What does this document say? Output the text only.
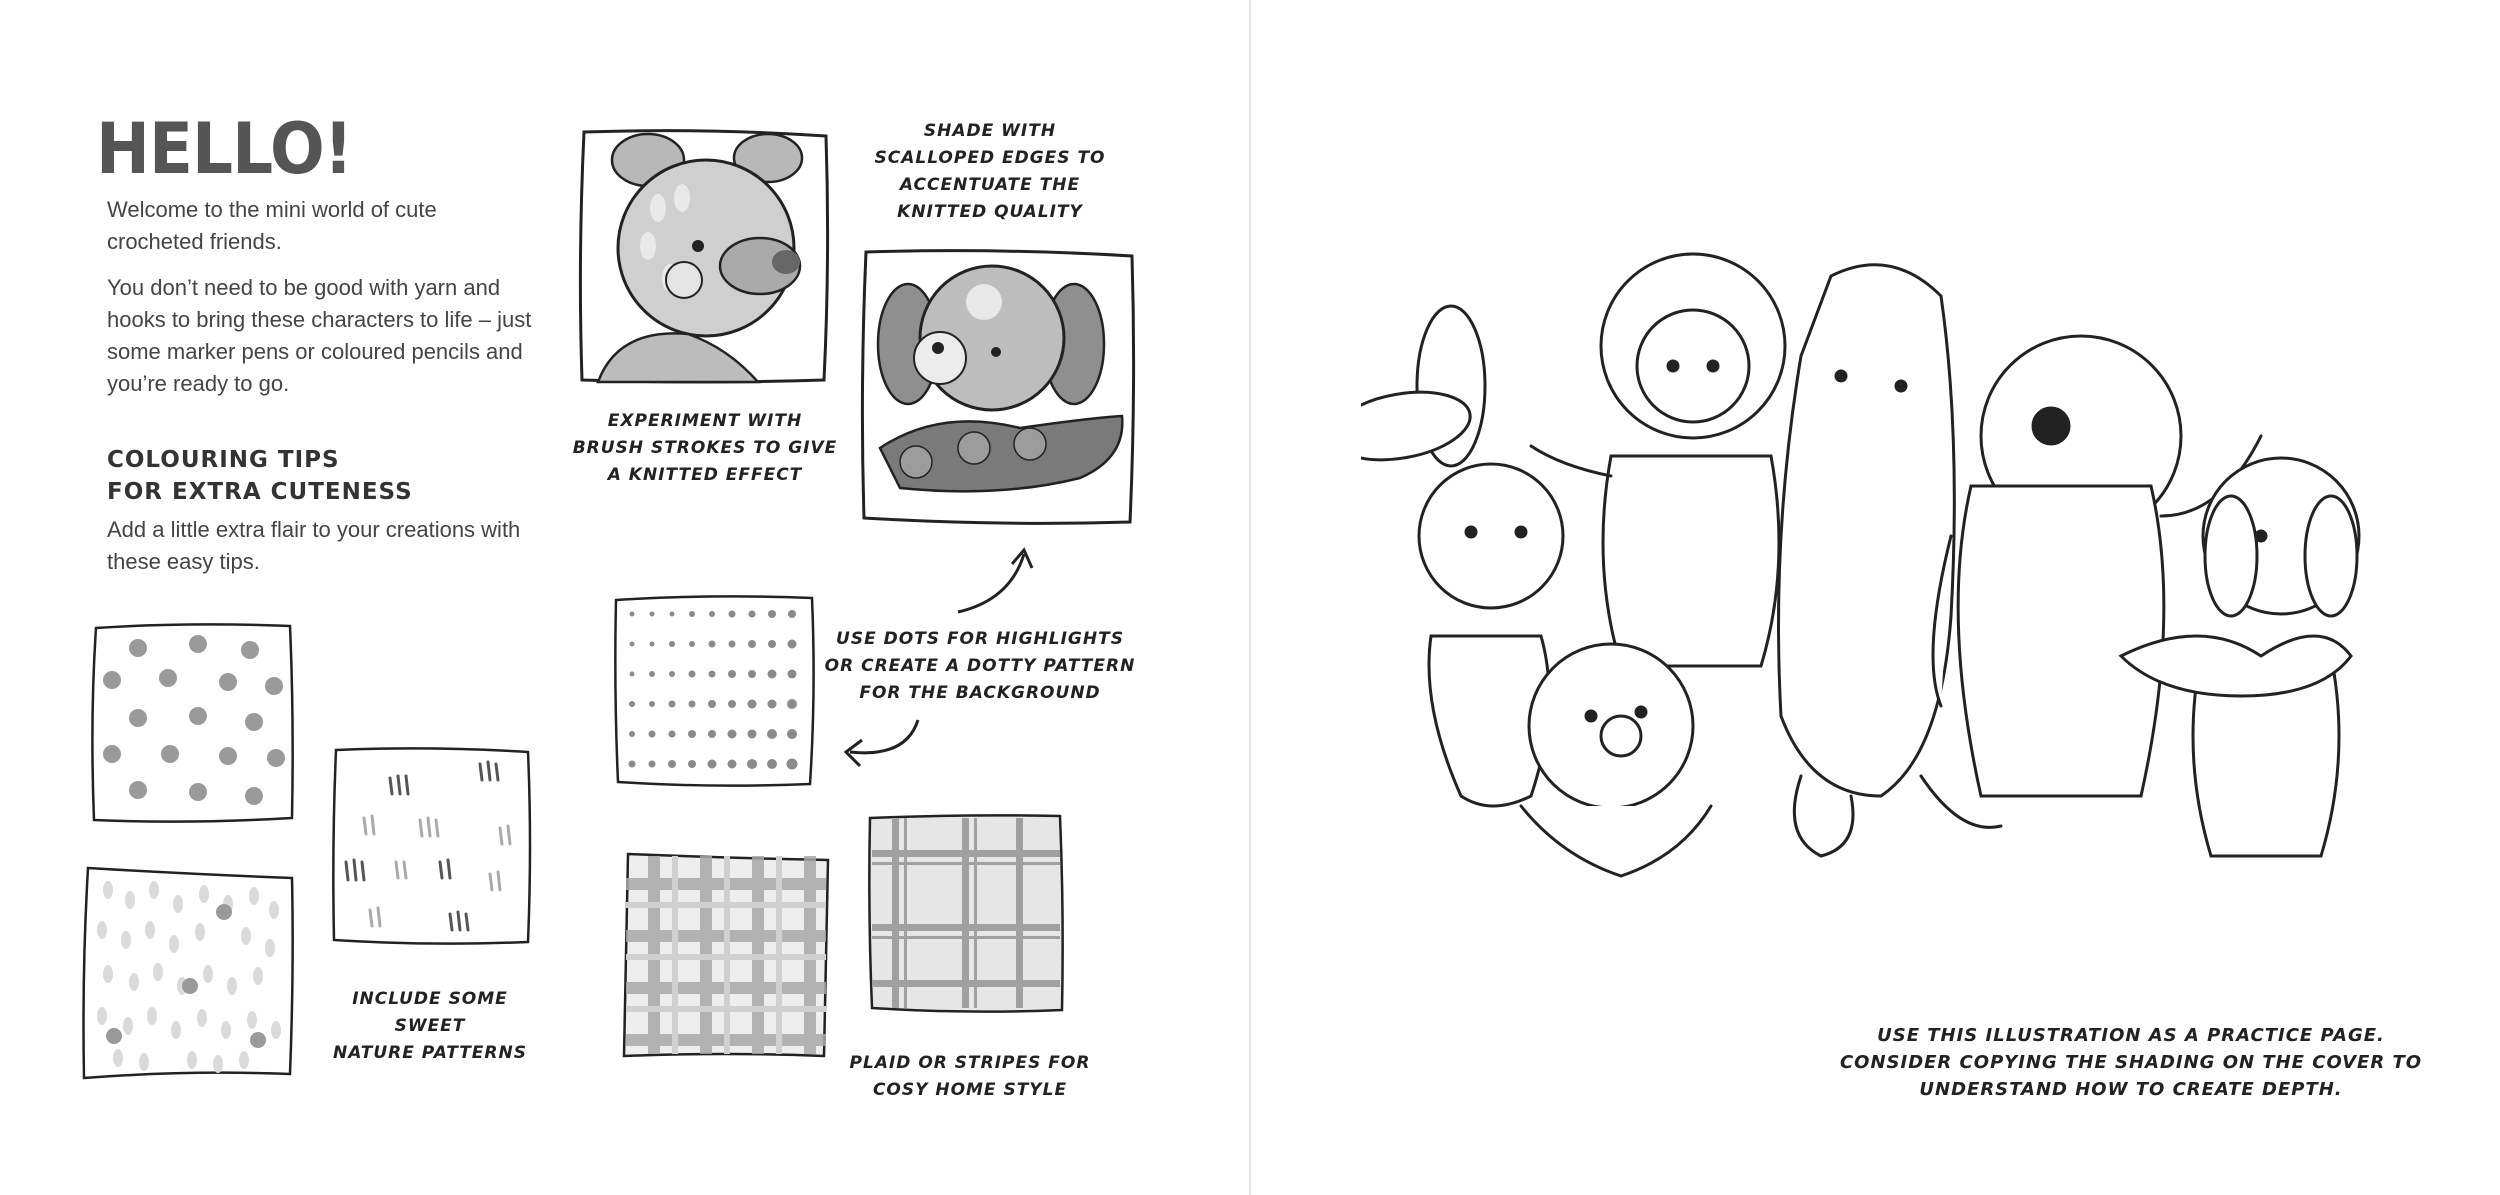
HELLO!

Welcome to the mini world of cute crocheted friends.

You don’t need to be good with yarn and hooks to bring these characters to life – just some marker pens or coloured pencils and you’re ready to go.

COLOURING TIPS
FOR EXTRA CUTENESS

Add a little extra flair to your creations with these easy tips.

INCLUDE SOME SWEET
NATURE PATTERNS
EXPERIMENT WITH
BRUSH STROKES TO GIVE
A KNITTED EFFECT
SHADE WITH
SCALLOPED EDGES TO
ACCENTUATE THE
KNITTED QUALITY
USE DOTS FOR HIGHLIGHTS
OR CREATE A DOTTY PATTERN
FOR THE BACKGROUND
PLAID OR STRIPES FOR
COSY HOME STYLE
USE THIS ILLUSTRATION AS A PRACTICE PAGE.
CONSIDER COPYING THE SHADING ON THE COVER TO
UNDERSTAND HOW TO CREATE DEPTH.
